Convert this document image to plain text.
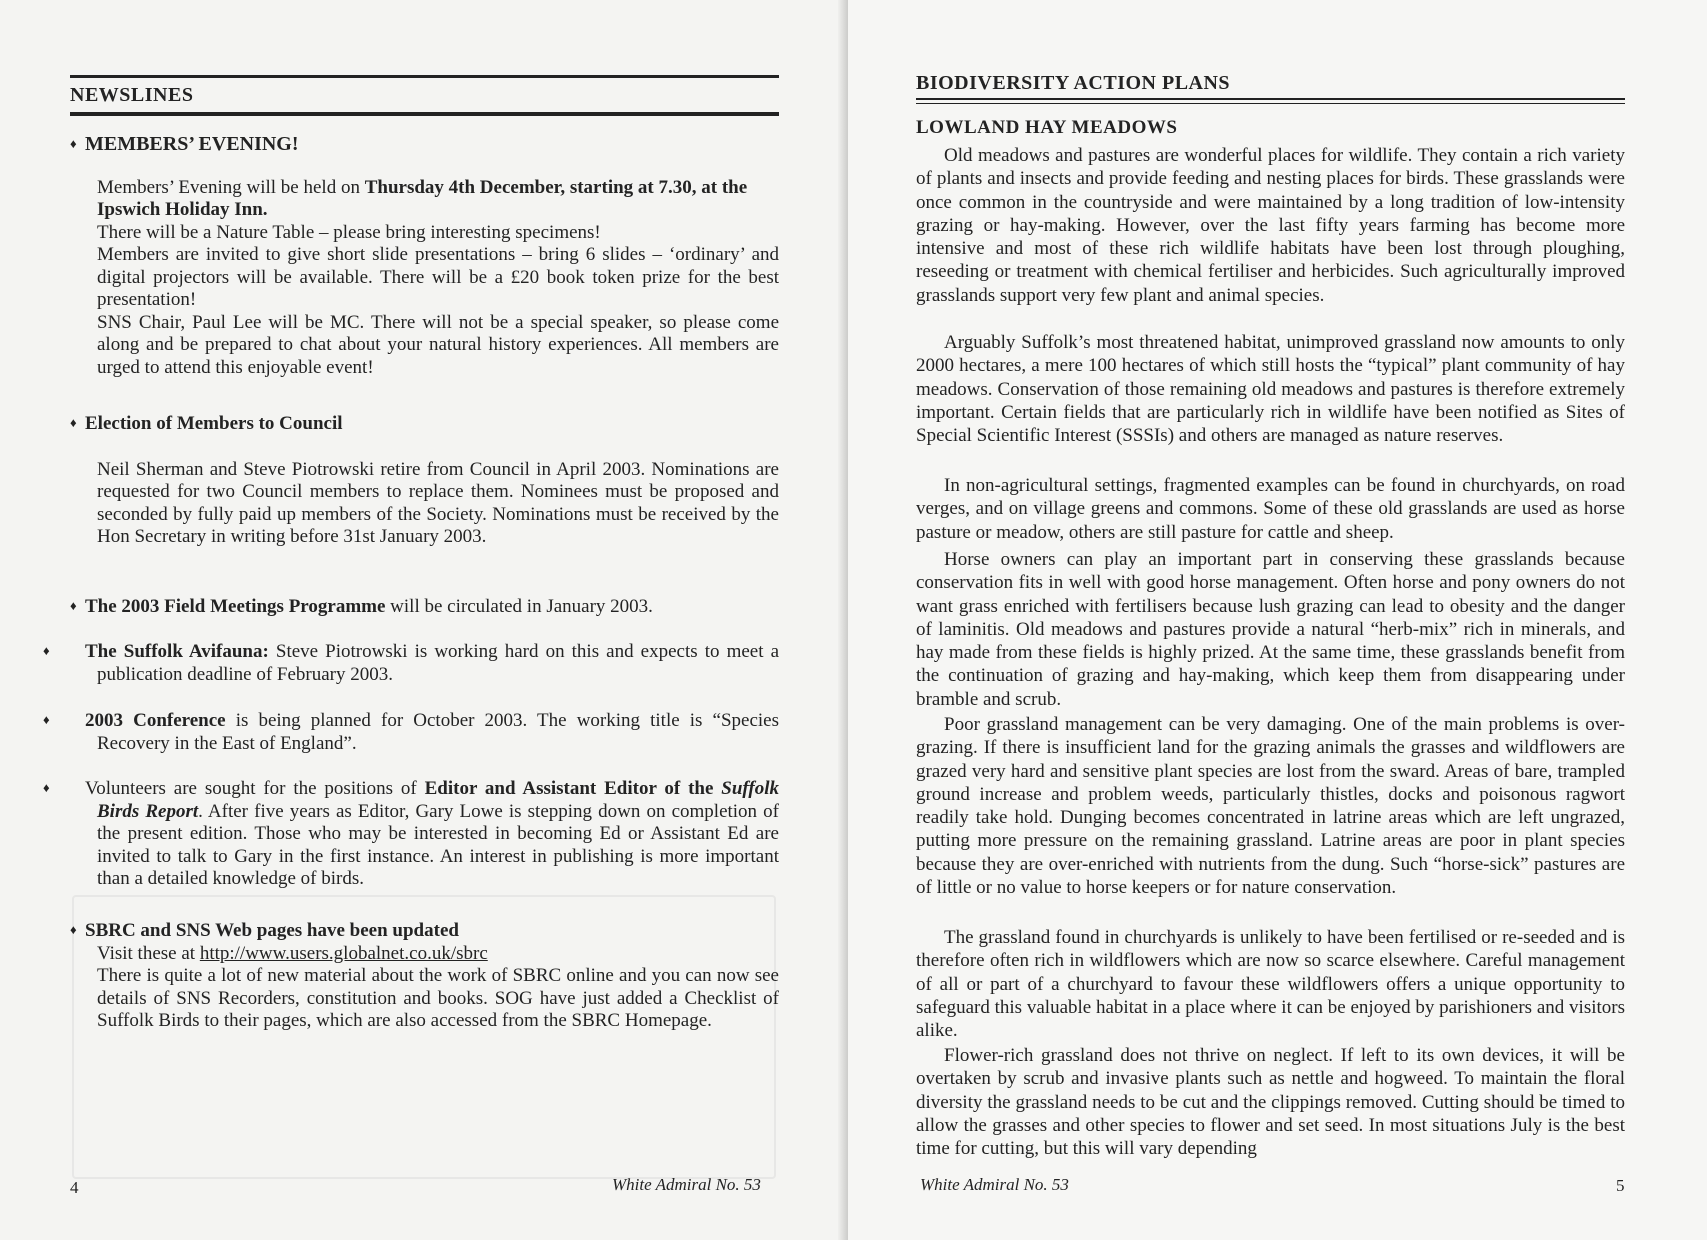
NEWSLINES
♦ MEMBERS’ EVENING!
Members’ Evening will be held on Thursday 4th December, starting at 7.30, at the Ipswich Holiday Inn.
There will be a Nature Table – please bring interesting specimens!
Members are invited to give short slide presentations – bring 6 slides – ‘ordinary’ and digital projectors will be available. There will be a £20 book token prize for the best presentation!
SNS Chair, Paul Lee will be MC. There will not be a special speaker, so please come along and be prepared to chat about your natural history experiences. All members are urged to attend this enjoyable event!
♦ Election of Members to Council
Neil Sherman and Steve Piotrowski retire from Council in April 2003. Nominations are requested for two Council members to replace them. Nominees must be proposed and seconded by fully paid up members of the Society. Nominations must be received by the Hon Secretary in writing before 31st January 2003.
♦ The 2003 Field Meetings Programme will be circulated in January 2003.
♦ The Suffolk Avifauna: Steve Piotrowski is working hard on this and expects to meet a publication deadline of February 2003.
♦ 2003 Conference is being planned for October 2003. The working title is “Species Recovery in the East of England”.
♦ Volunteers are sought for the positions of Editor and Assistant Editor of the Suffolk Birds Report. After five years as Editor, Gary Lowe is stepping down on completion of the present edition. Those who may be interested in becoming Ed or Assistant Ed are invited to talk to Gary in the first instance. An interest in publishing is more important than a detailed knowledge of birds.
♦ SBRC and SNS Web pages have been updated
Visit these at http://www.users.globalnet.co.uk/sbrc
There is quite a lot of new material about the work of SBRC online and you can now see details of SNS Recorders, constitution and books. SOG have just added a Checklist of Suffolk Birds to their pages, which are also accessed from the SBRC Homepage.
4	White Admiral No. 53
BIODIVERSITY ACTION PLANS
LOWLAND HAY MEADOWS
Old meadows and pastures are wonderful places for wildlife. They contain a rich variety of plants and insects and provide feeding and nesting places for birds. These grasslands were once common in the countryside and were maintained by a long tradition of low-intensity grazing or hay-making. However, over the last fifty years farming has become more intensive and most of these rich wildlife habitats have been lost through ploughing, reseeding or treatment with chemical fertiliser and herbicides. Such agriculturally improved grasslands support very few plant and animal species.
Arguably Suffolk’s most threatened habitat, unimproved grassland now amounts to only 2000 hectares, a mere 100 hectares of which still hosts the “typical” plant community of hay meadows. Conservation of those remaining old meadows and pastures is therefore extremely important. Certain fields that are particularly rich in wildlife have been notified as Sites of Special Scientific Interest (SSSIs) and others are managed as nature reserves.
In non-agricultural settings, fragmented examples can be found in churchyards, on road verges, and on village greens and commons. Some of these old grasslands are used as horse pasture or meadow, others are still pasture for cattle and sheep.
Horse owners can play an important part in conserving these grasslands because conservation fits in well with good horse management. Often horse and pony owners do not want grass enriched with fertilisers because lush grazing can lead to obesity and the danger of laminitis. Old meadows and pastures provide a natural “herb-mix” rich in minerals, and hay made from these fields is highly prized. At the same time, these grasslands benefit from the continuation of grazing and hay-making, which keep them from disappearing under bramble and scrub.
Poor grassland management can be very damaging. One of the main problems is over-grazing. If there is insufficient land for the grazing animals the grasses and wildflowers are grazed very hard and sensitive plant species are lost from the sward. Areas of bare, trampled ground increase and problem weeds, particularly thistles, docks and poisonous ragwort readily take hold. Dunging becomes concentrated in latrine areas which are left ungrazed, putting more pressure on the remaining grassland. Latrine areas are poor in plant species because they are over-enriched with nutrients from the dung. Such “horse-sick” pastures are of little or no value to horse keepers or for nature conservation.
The grassland found in churchyards is unlikely to have been fertilised or re-seeded and is therefore often rich in wildflowers which are now so scarce elsewhere. Careful management of all or part of a churchyard to favour these wildflowers offers a unique opportunity to safeguard this valuable habitat in a place where it can be enjoyed by parishioners and visitors alike.
Flower-rich grassland does not thrive on neglect. If left to its own devices, it will be overtaken by scrub and invasive plants such as nettle and hogweed. To maintain the floral diversity the grassland needs to be cut and the clippings removed. Cutting should be timed to allow the grasses and other species to flower and set seed. In most situations July is the best time for cutting, but this will vary depending
White Admiral No. 53	5
